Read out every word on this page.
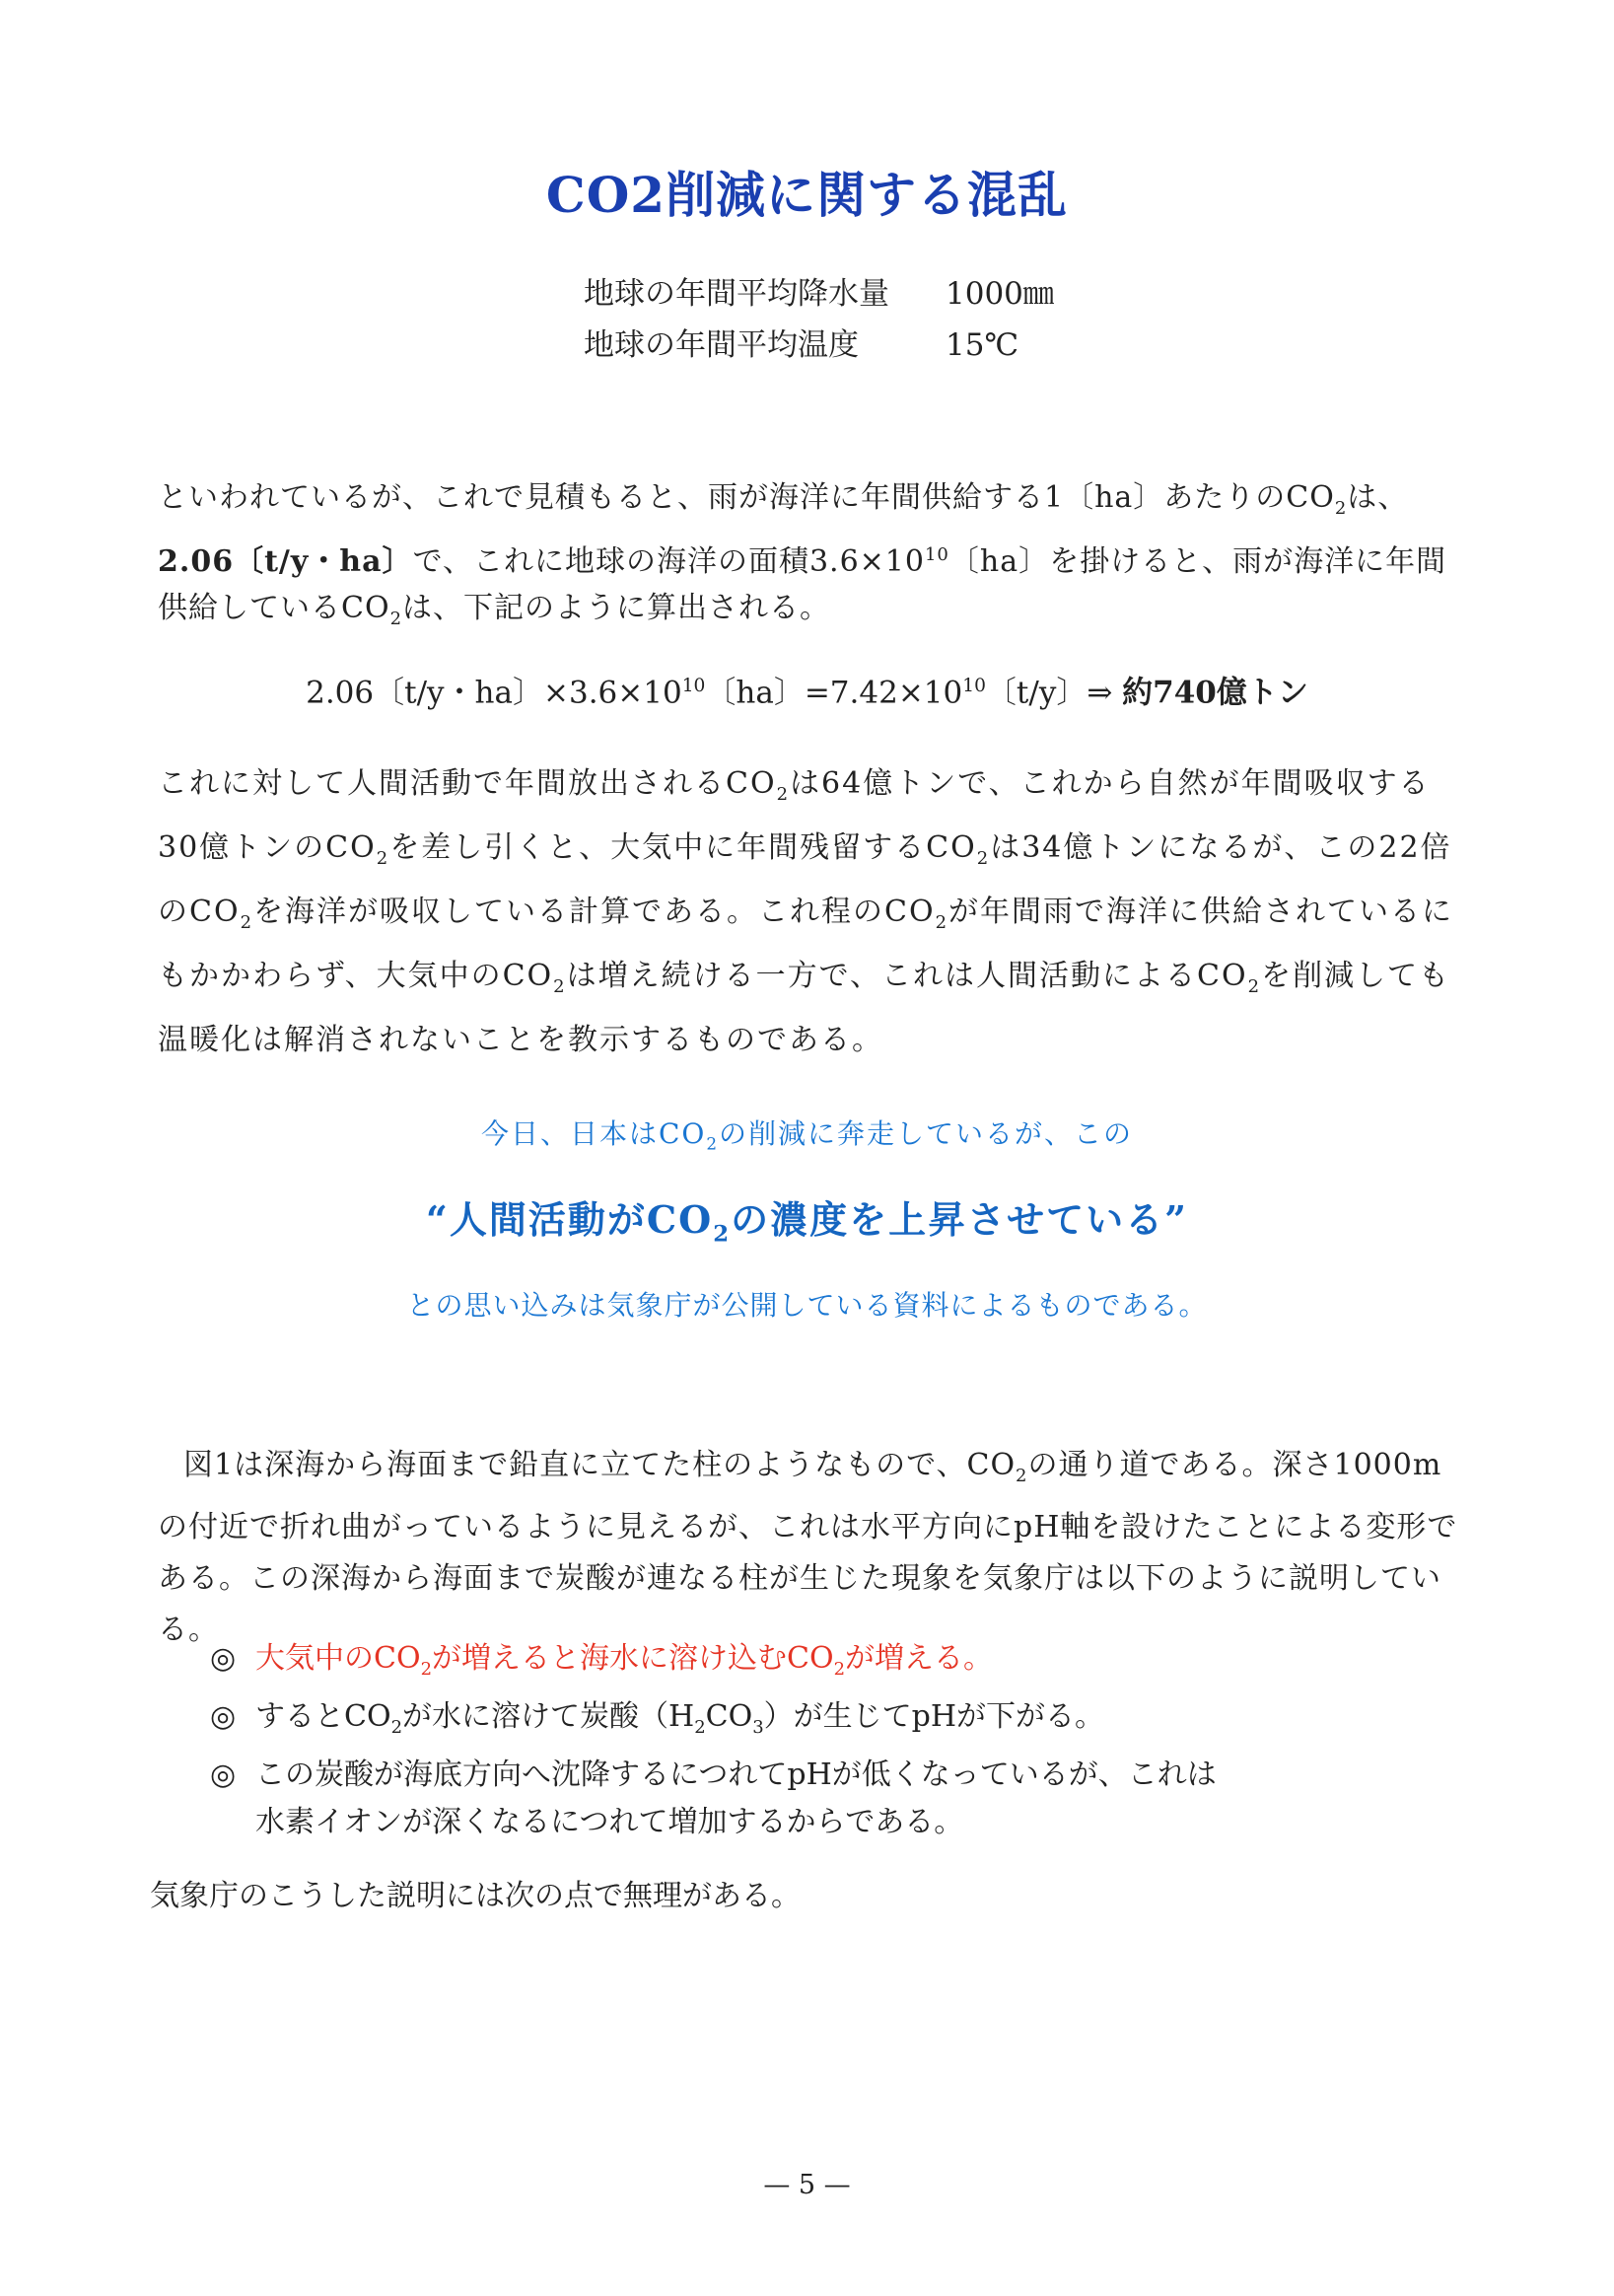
CO2削減に関する混乱
地球の年間平均降水量	1000㎜
地球の年間平均温度	15℃

といわれているが、これで見積もると、雨が海洋に年間供給する1〔ha〕あたりの$CO_2$は、2.06〔t/y・ha〕で、これに地球の海洋の面積$3.6\times 10^{10}$〔ha〕を掛けると、雨が海洋に年間供給している$CO_2$は、下記のように算出される。

2.06〔t/y・ha〕$\times 3.6\times 10^{10}$〔ha〕$=7.42\times 10^{10}$〔t/y〕⇒ 約740億トン

これに対して人間活動で年間放出される$CO_2$は64億トンで、これから自然が年間吸収する30億トンの$CO_2$を差し引くと、大気中に年間残留する$CO_2$は34億トンになるが、この22倍の$CO_2$を海洋が吸収している計算である。これ程の$CO_2$が年間雨で海洋に供給されているにもかかわらず、大気中の$CO_2$は増え続ける一方で、これは人間活動による$CO_2$を削減しても温暖化は解消されないことを教示するものである。

今日、日本は$CO_2$の削減に奔走しているが、この
“人間活動が$CO_2$の濃度を上昇させている”
との思い込みは気象庁が公開している資料によるものである。

図1は深海から海面まで鉛直に立てた柱のようなもので、$CO_2$の通り道である。深さ1000mの付近で折れ曲がっているように見えるが、これは水平方向にpH軸を設けたことによる変形である。この深海から海面まで炭酸が連なる柱が生じた現象を気象庁は以下のように説明している。

◎ 大気中の$CO_2$が増えると海水に溶け込む$CO_2$が増える。
◎ すると$CO_2$が水に溶けて炭酸$(H_2CO_3)$が生じてpHが下がる。
◎ この炭酸が海底方向へ沈降するにつれてpHが低くなっているが、これは
水素イオンが深くなるにつれて増加するからである。
気象庁のこうした説明には次の点で無理がある。
— 5 —
